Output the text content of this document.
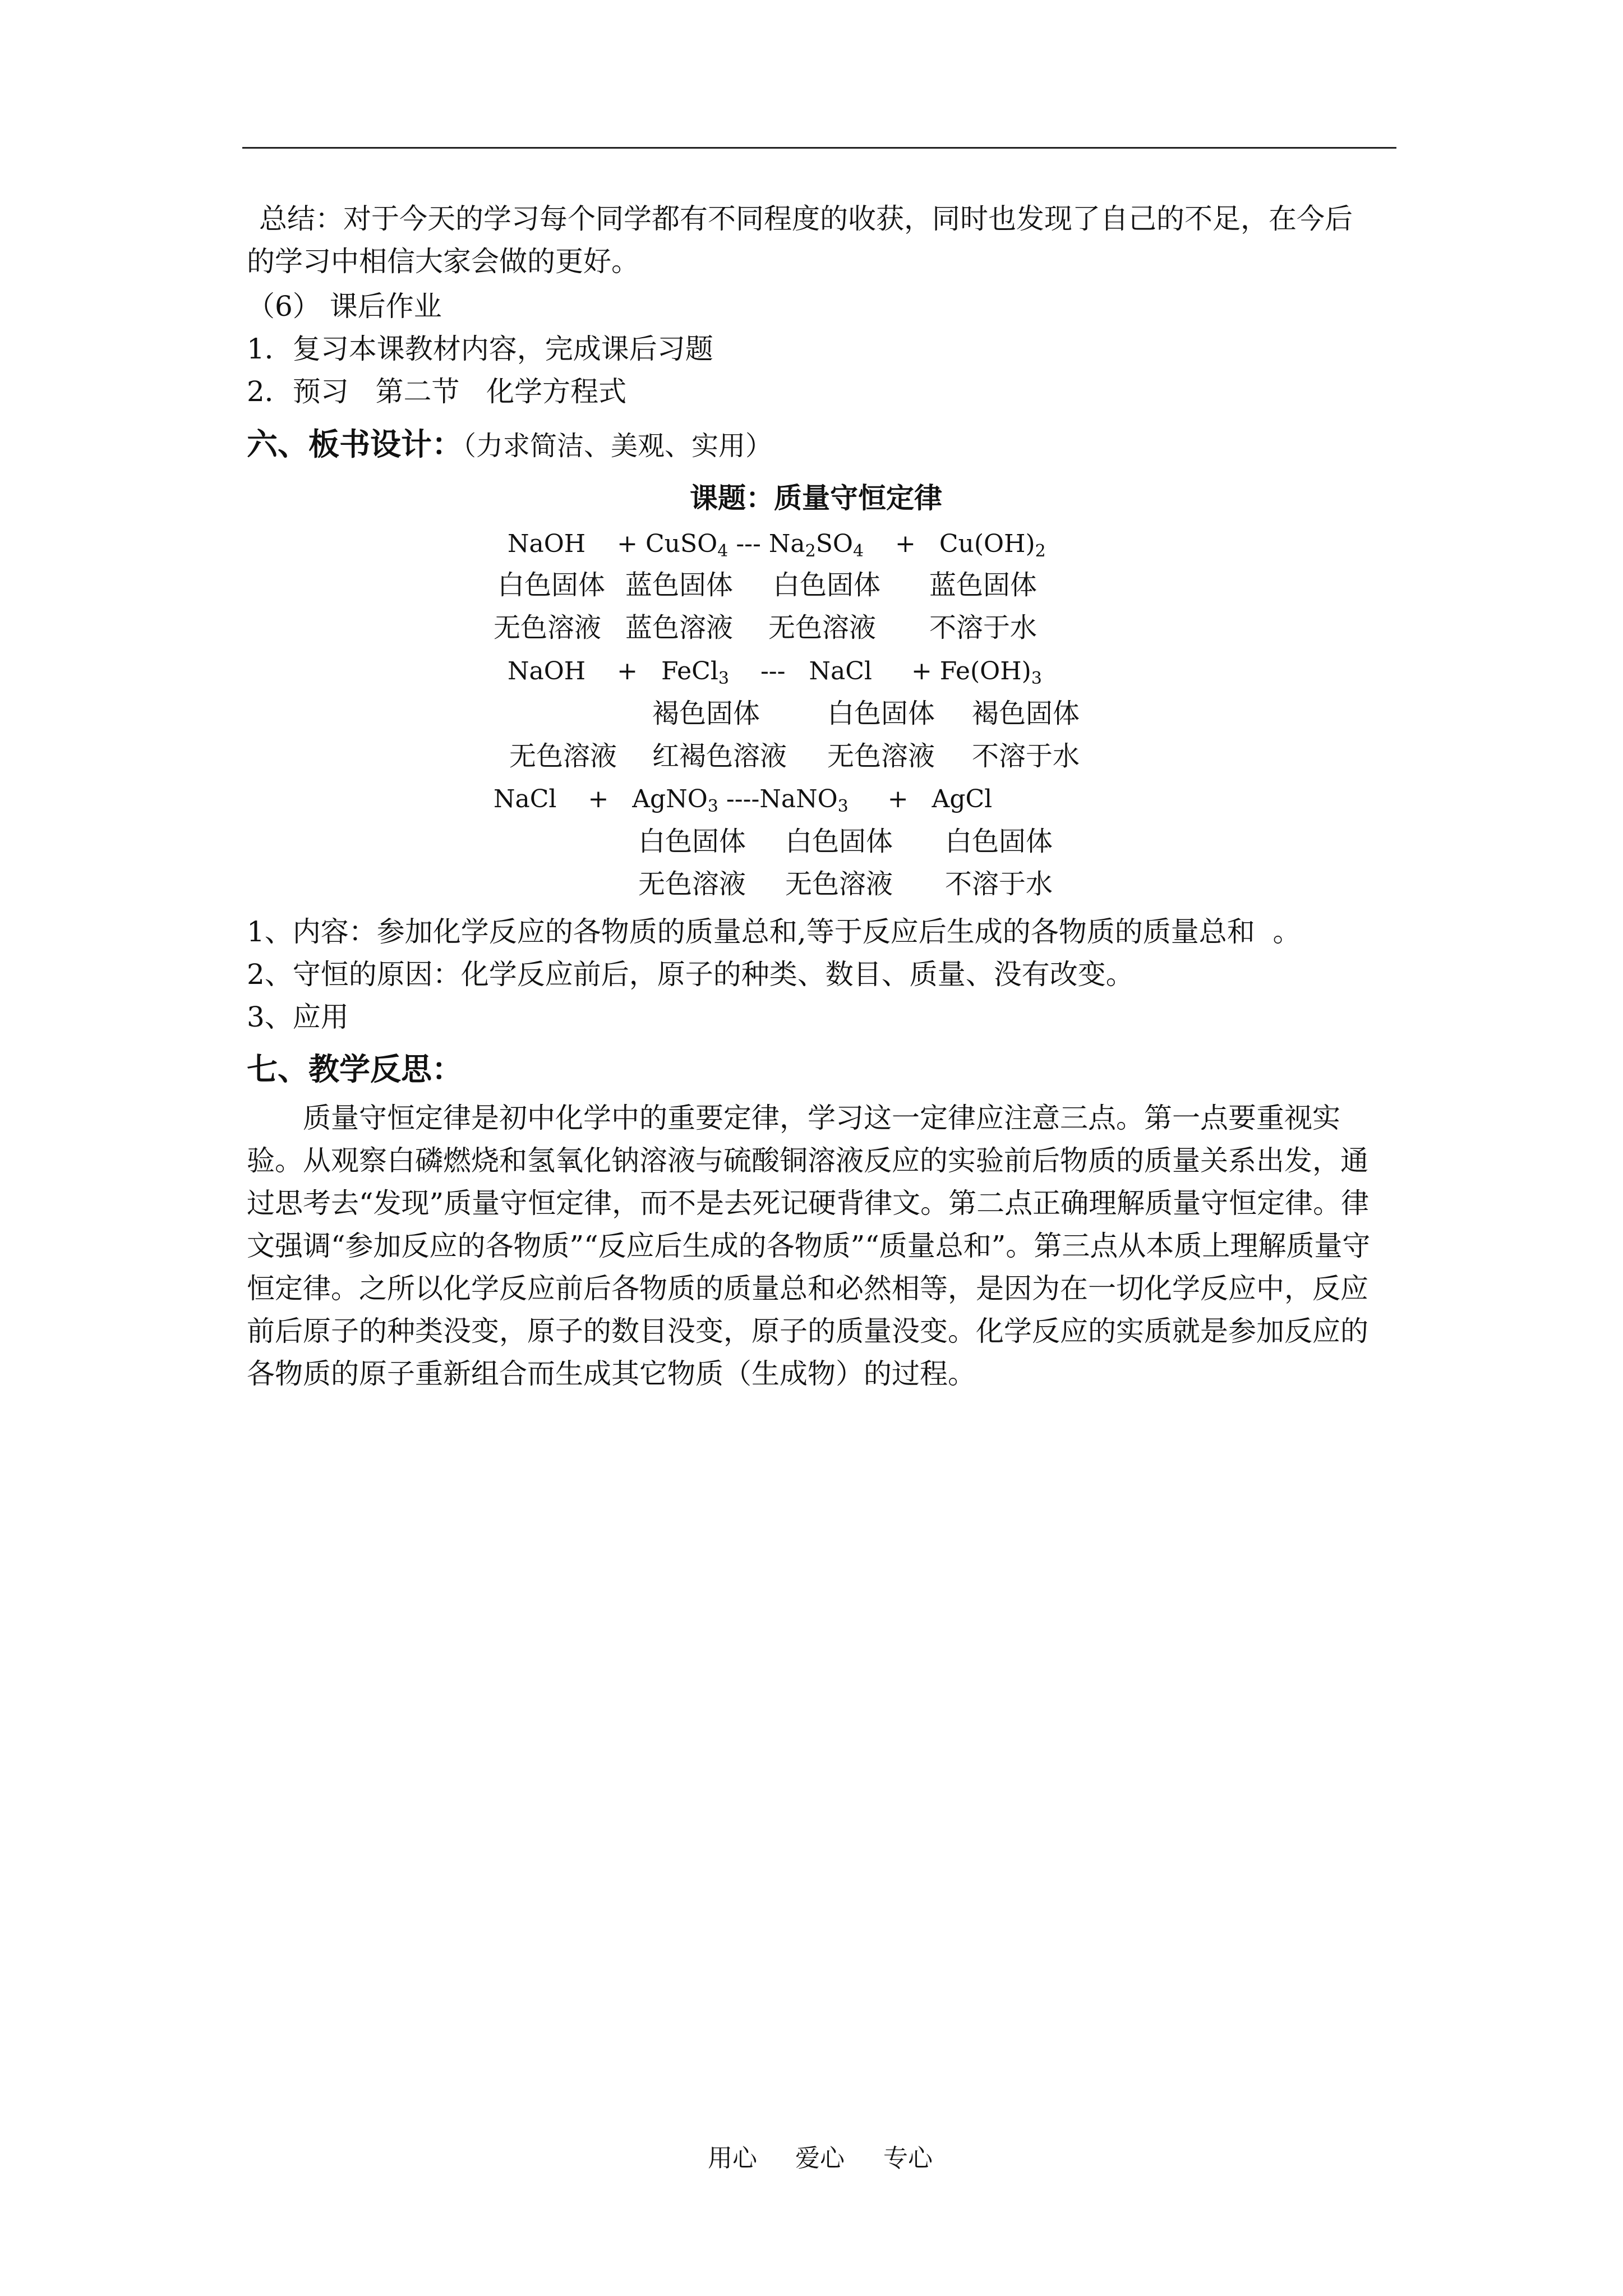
总结：对于今天的学习每个同学都有不同程度的收获，同时也发现了自己的不足，在今后
的学习中相信大家会做的更好。
（6） 课后作业
1．复习本课教材内容，完成课后习题
2．预习   第二节   化学方程式
六、板书设计：（力求简洁、美观、实用）
课题：质量守恒定律
NaOH + CuSO$_4$ --- $Na_2SO_4 + Cu(OH)_2$
白色固体 蓝色固体 白色固体 蓝色固体
无色溶液 蓝色溶液 无色溶液 不溶于水
NaOH + FeCl$_3$ --- NaCl + $Fe(OH)_3$
褐色固体 白色固体 褐色固体
无色溶液 红褐色溶液 无色溶液 不溶于水
NaCl + AgNO$_3$ ----NaNO$_3$ + AgCl
白色固体 白色固体 白色固体
无色溶液 无色溶液 不溶于水
1、内容：参加化学反应的各物质的质量总和,等于反应后生成的各物质的质量总和  。
2、守恒的原因：化学反应前后，原子的种类、数目、质量、没有改变。
3、应用
七、教学反思：

质量守恒定律是初中化学中的重要定律，学习这一定律应注意三点。第一点要重视实验。从观察白磷燃烧和氢氧化钠溶液与硫酸铜溶液反应的实验前后物质的质量关系出发，通过思考去“发现”质量守恒定律，而不是去死记硬背律文。第二点正确理解质量守恒定律。律文强调“参加反应的各物质”“反应后生成的各物质”“质量总和”。第三点从本质上理解质量守恒定律。之所以化学反应前后各物质的质量总和必然相等，是因为在一切化学反应中，反应前后原子的种类没变，原子的数目没变，原子的质量没变。化学反应的实质就是参加反应的各物质的原子重新组合而生成其它物质（生成物）的过程。

用心 爱心 专心
